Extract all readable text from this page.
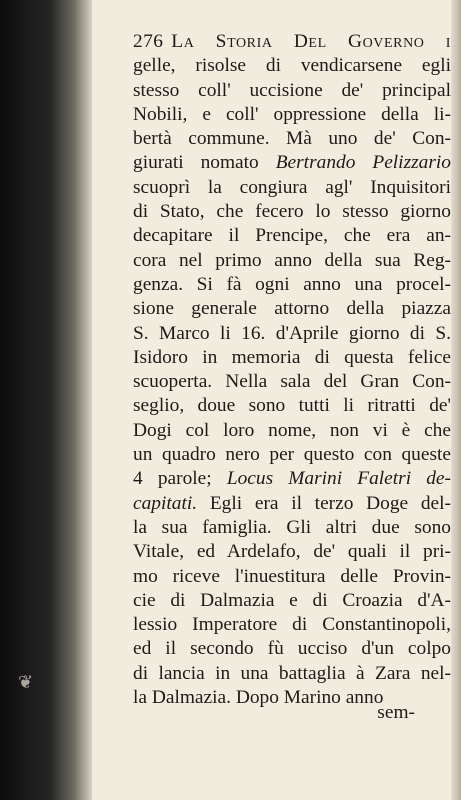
❦
276 La Storia Del Governo i
gelle, risolse di vendicarsene egli
stesso coll' uccisione de' principal
Nobili, e coll' oppressione della li-
bertà commune. Mà uno de' Con-
giurati nomato Bertrando Pelizzario
scuoprì la congiura agl' Inquisitori
di Stato, che fecero lo stesso giorno
decapitare il Prencipe, che era an-
cora nel primo anno della sua Reg-
genza. Si fà ogni anno una procel-
sione generale attorno della piazza
S. Marco li 16. d'Aprile giorno di S.
Isidoro in memoria di questa felice
scuoperta. Nella sala del Gran Con-
seglio, doue sono tutti li ritratti de'
Dogi col loro nome, non vi è che
un quadro nero per questo con queste
4 parole; Locus Marini Faletri de-
capitati. Egli era il terzo Doge del-
la sua famiglia. Gli altri due sono
Vitale, ed Ardelafo, de' quali il pri-
mo riceve l'inuestitura delle Provin-
cie di Dalmazia e di Croazia d'A-
lessio Imperatore di Constantinopoli,
ed il secondo fù ucciso d'un colpo
di lancia in una battaglia à Zara nel-
la Dalmazia. Dopo Marino anno
sem-
